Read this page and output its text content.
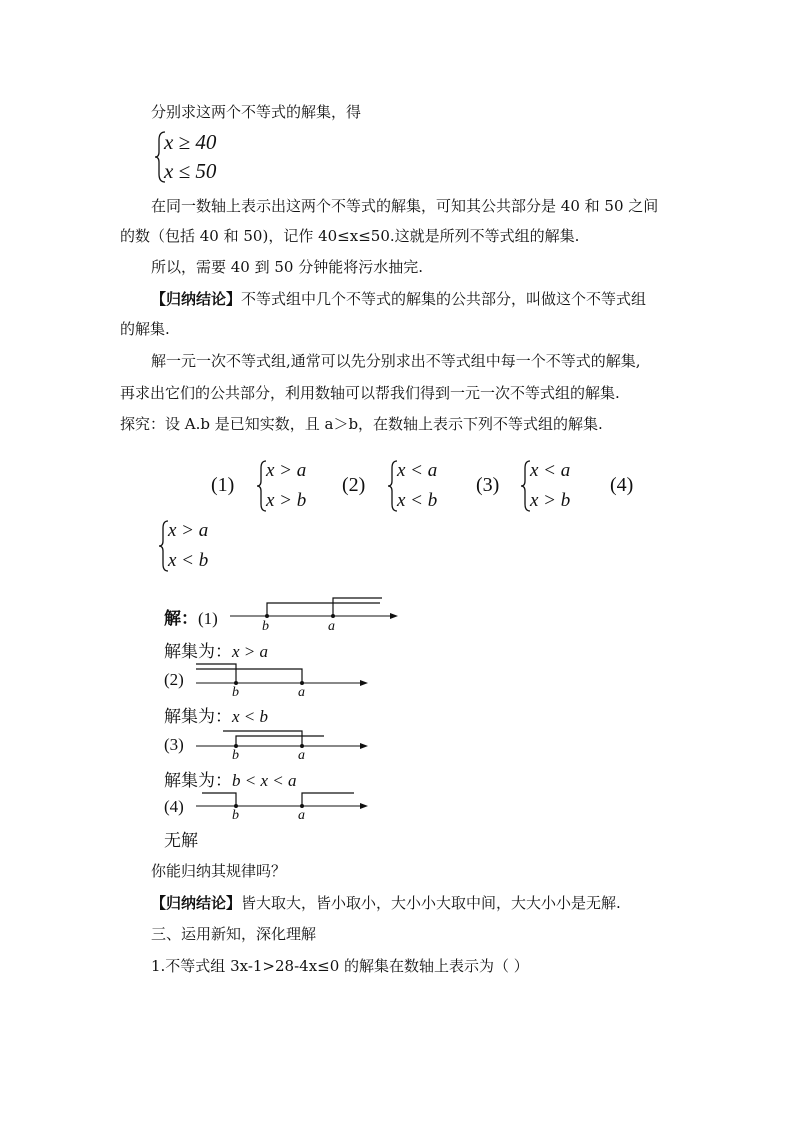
分别求这两个不等式的解集，得
x ≥ 40
x ≤ 50
在同一数轴上表示出这两个不等式的解集，可知其公共部分是 40 和 50 之间
的数（包括 40 和 50)，记作 40≤x≤50.这就是所列不等式组的解集.
所以，需要 40 到 50 分钟能将污水抽完.
【归纳结论】不等式组中几个不等式的解集的公共部分，叫做这个不等式组
的解集.
解一元一次不等式组,通常可以先分别求出不等式组中每一个不等式的解集,
再求出它们的公共部分，利用数轴可以帮我们得到一元一次不等式组的解集.
探究：设 A.b 是已知实数，且 a＞b，在数轴上表示下列不等式组的解集.
(1)
x > a
x > b
(2)
x < a
x < b
(3)
x < a
x > b
(4)
x > a
x < b
解：(1)	b	a
解集为：x > a
(2)
b	a
解集为：x < b
(3)
b	a
解集为：b < x < a
(4)	b	a
无解
你能归纳其规律吗？
【归纳结论】皆大取大，皆小取小，大小小大取中间，大大小小是无解.
三、运用新知，深化理解
1.不等式组 3x-1>28-4x≤0 的解集在数轴上表示为（ ）
